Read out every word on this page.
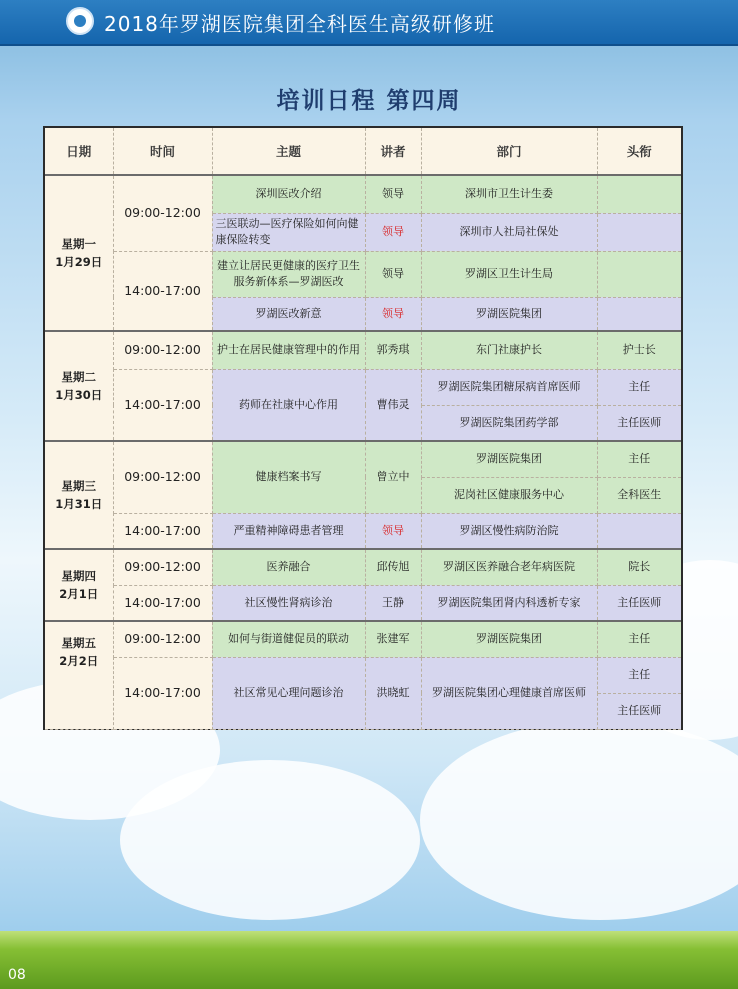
2018年罗湖医院集团全科医生高级研修班
培训日程 第四周
日期	时间	主题	讲者	部门	头衔

星期一
1月29日	09:00-12:00	深圳医改介绍	领导	深圳市卫生计生委	
		三医联动—医疗保险如何向健康保险转变	领导	深圳市人社局社保处	
	14:00-17:00	建立让居民更健康的医疗卫生服务新体系—罗湖医改	领导	罗湖区卫生计生局	
		罗湖医改新意	领导	罗湖医院集团	

星期二
1月30日	09:00-12:00	护士在居民健康管理中的作用	郭秀琪	东门社康护长	护士长
	14:00-17:00	药师在社康中心作用	曹伟灵	罗湖医院集团糖尿病首席医师	主任
				罗湖医院集团药学部	主任医师

星期三
1月31日	09:00-12:00	健康档案书写	曾立中	罗湖医院集团	主任
				泥岗社区健康服务中心	全科医生
	14:00-17:00	严重精神障碍患者管理	领导	罗湖区慢性病防治院	

星期四
2月1日	09:00-12:00	医养融合	邱传旭	罗湖区医养融合老年病医院	院长
	14:00-17:00	社区慢性肾病诊治	王静	罗湖医院集团肾内科透析专家	主任医师

星期五
2月2日	09:00-12:00	如何与街道健促员的联动	张建军	罗湖医院集团	主任
	14:00-17:00	社区常见心理问题诊治	洪晓虹	罗湖医院集团心理健康首席医师	主任
					主任医师
08
